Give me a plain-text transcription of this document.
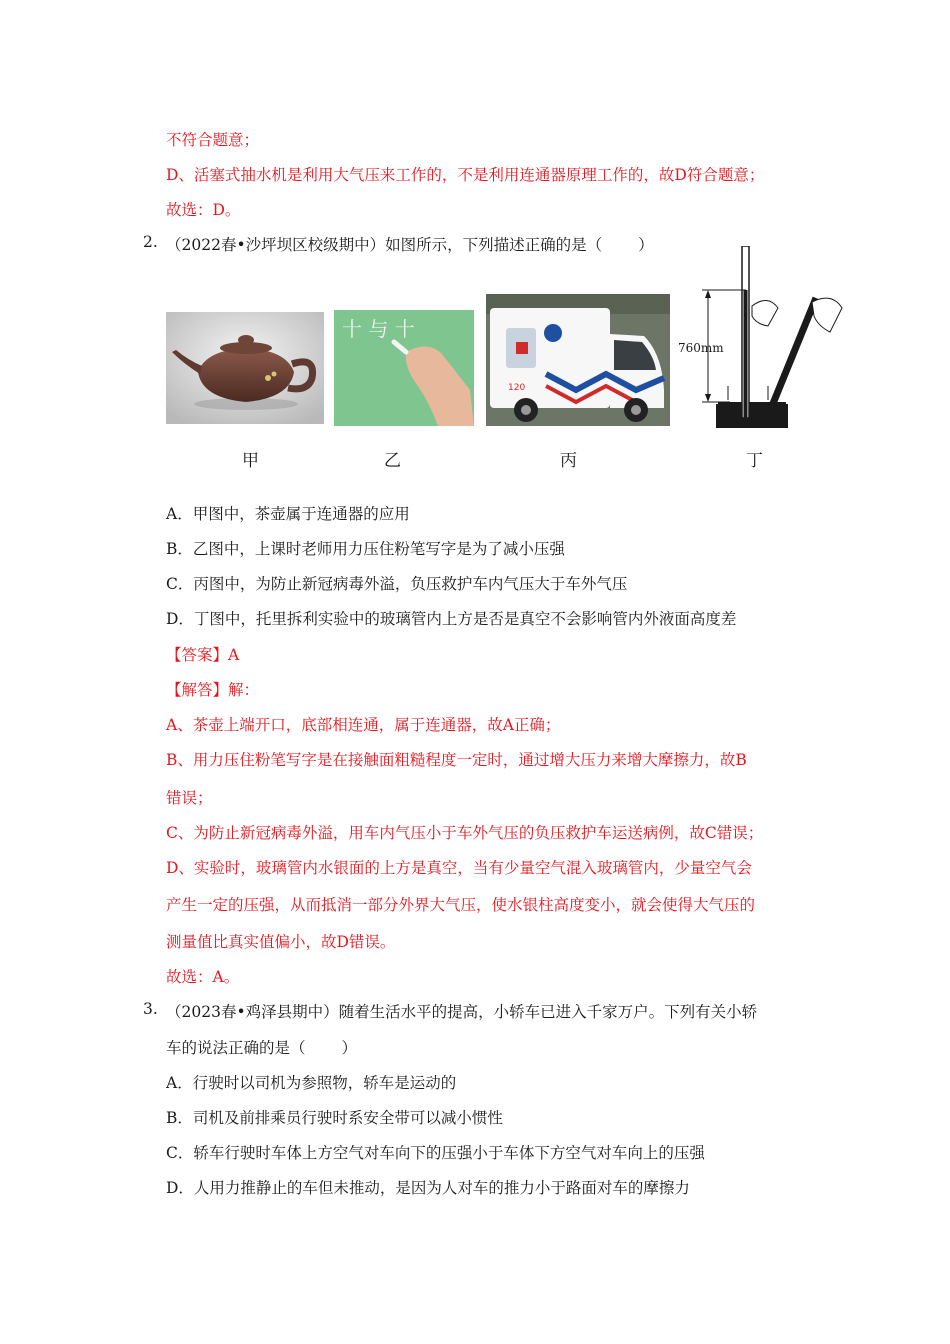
不符合题意；
D、活塞式抽水机是利用大气压来工作的，不是利用连通器原理工作的，故D符合题意；
故选：D。
2. （2022春•沙坪坝区校级期中）如图所示，下列描述正确的是（ ）
十 与 十
120
760mm
甲	乙	丙	丁
A．甲图中，茶壶属于连通器的应用
B．乙图中，上课时老师用力压住粉笔写字是为了减小压强
C．丙图中，为防止新冠病毒外溢，负压救护车内气压大于车外气压
D．丁图中，托里拆利实验中的玻璃管内上方是否是真空不会影响管内外液面高度差
【答案】A
【解答】解：
A、茶壶上端开口，底部相连通，属于连通器，故A正确；
B、用力压住粉笔写字是在接触面粗糙程度一定时，通过增大压力来增大摩擦力，故B
错误；
C、为防止新冠病毒外溢，用车内气压小于车外气压的负压救护车运送病例，故C错误；
D、实验时，玻璃管内水银面的上方是真空，当有少量空气混入玻璃管内，少量空气会
产生一定的压强，从而抵消一部分外界大气压，使水银柱高度变小，就会使得大气压的
测量值比真实值偏小，故D错误。
故选：A。
3. （2023春•鸡泽县期中）随着生活水平的提高，小轿车已进入千家万户。下列有关小轿
车的说法正确的是（ ）
A．行驶时以司机为参照物，轿车是运动的
B．司机及前排乘员行驶时系安全带可以减小惯性
C．轿车行驶时车体上方空气对车向下的压强小于车体下方空气对车向上的压强
D．人用力推静止的车但未推动，是因为人对车的推力小于路面对车的摩擦力
